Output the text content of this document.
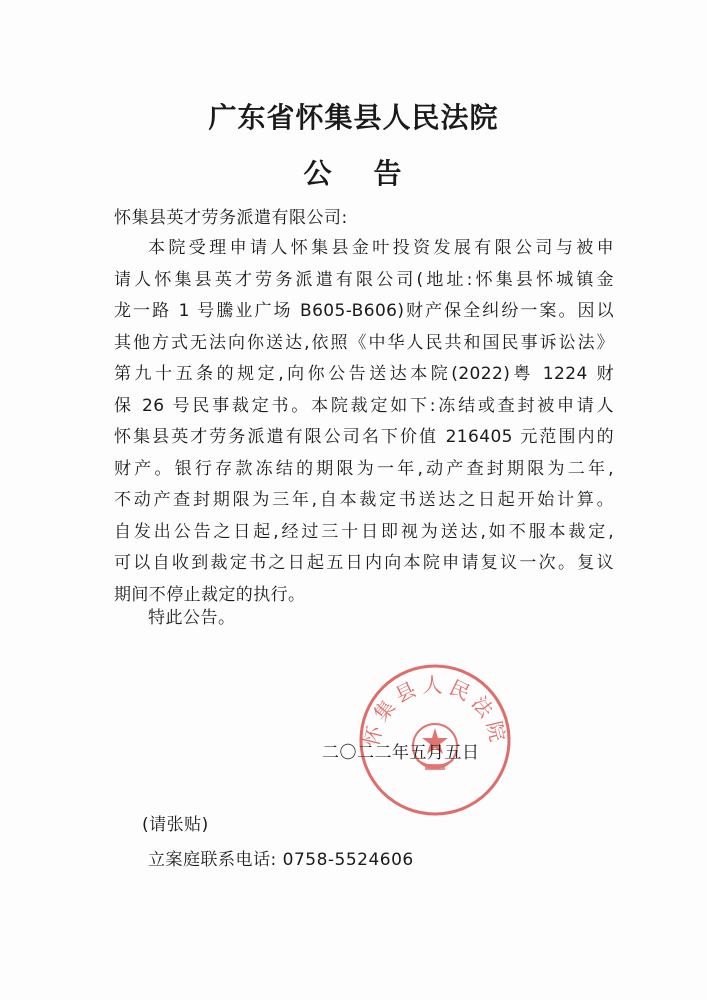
广东省怀集县人民法院
公 告
怀集县英才劳务派遣有限公司:
本院受理申请人怀集县金叶投资发展有限公司与被申
请人怀集县英才劳务派遣有限公司(地址:怀集县怀城镇金
龙一路 1 号騰业广场 B605-B606)财产保全纠纷一案。因以
其他方式无法向你送达,依照《中华人民共和国民事诉讼法》
第九十五条的规定,向你公告送达本院(2022)粤 1224 财
保 26 号民事裁定书。本院裁定如下:冻结或查封被申请人
怀集县英才劳务派遣有限公司名下价值 216405 元范围内的
财产。银行存款冻结的期限为一年,动产查封期限为二年,
不动产查封期限为三年,自本裁定书送达之日起开始计算。
自发出公告之日起,经过三十日即视为送达,如不服本裁定,
可以自收到裁定书之日起五日内向本院申请复议一次。复议
期间不停止裁定的执行。
特此公告。
怀集县人民法院
二〇二二年五月五日
(请张贴)
立案庭联系电话: 0758-5524606
